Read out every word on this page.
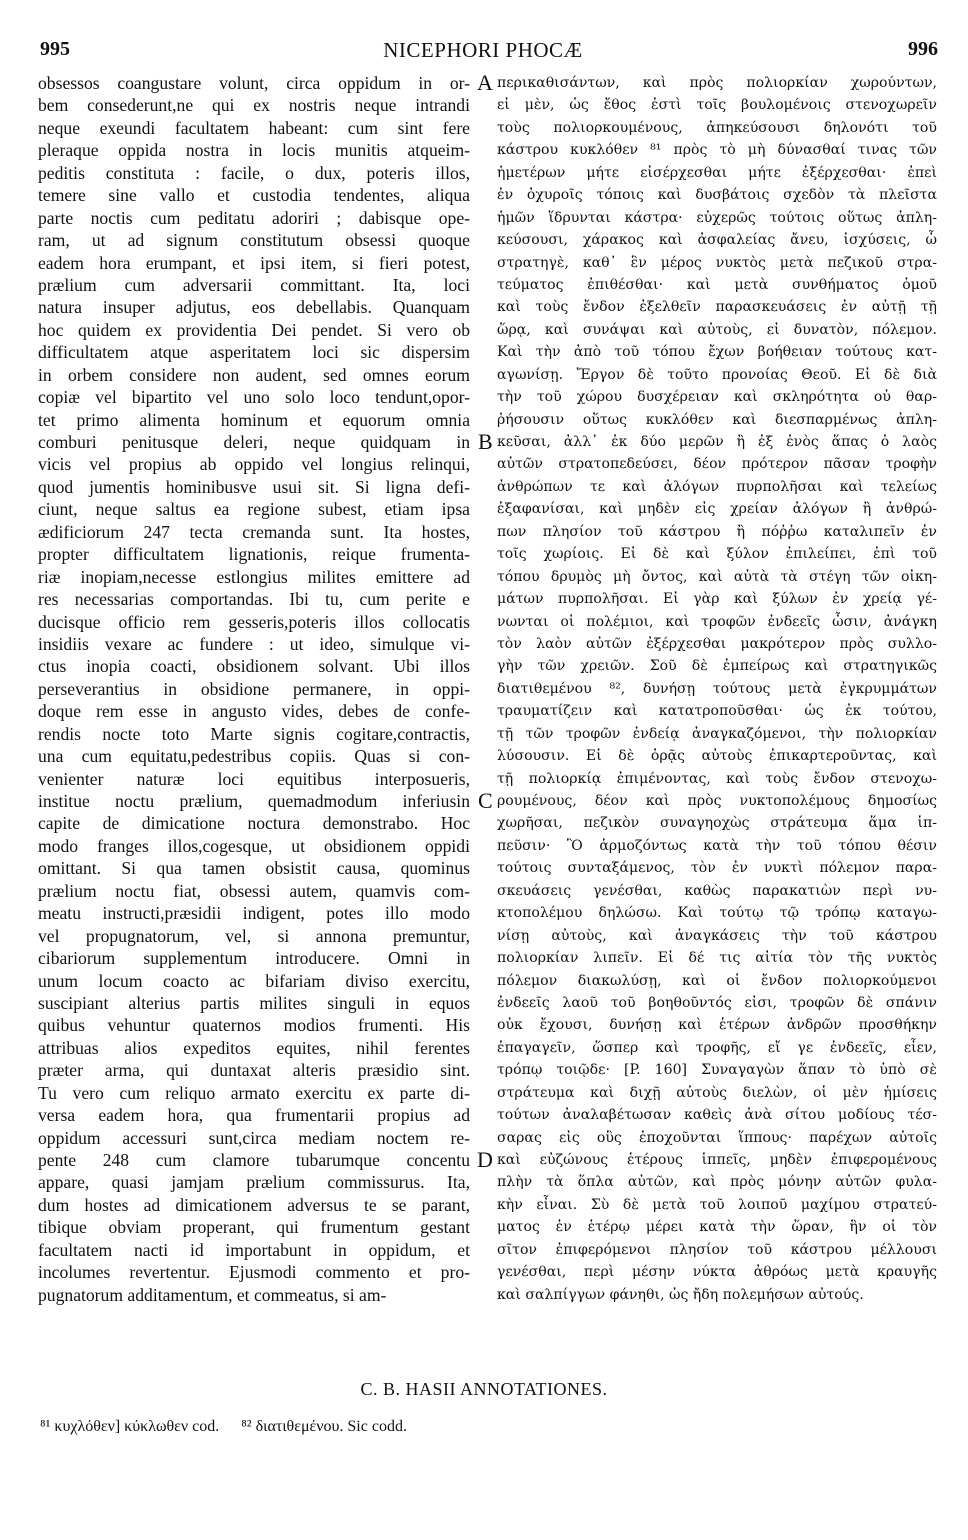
995	NICEPHORI PHOCÆ	996
obsessos coangustare volunt, circa oppidum in or-
bem consederunt,ne qui ex nostris neque intrandi
neque exeundi facultatem habeant: cum sint fere
pleraque oppida nostra in locis munitis atqueim-
peditis constituta : facile, o dux, poteris illos,
temere sine vallo et custodia tendentes, aliqua
parte noctis cum peditatu adoriri ; dabisque ope-
ram, ut ad signum constitutum obsessi quoque
eadem hora erumpant, et ipsi item, si fieri potest,
prælium cum adversarii committant. Ita, loci
natura insuper adjutus, eos debellabis. Quanquam
hoc quidem ex providentia Dei pendet. Si vero ob
difficultatem atque asperitatem loci sic dispersim
in orbem considere non audent, sed omnes eorum
copiæ vel bipartito vel uno solo loco tendunt,opor-
tet primo alimenta hominum et equorum omnia
comburi penitusque deleri, neque quidquam in
vicis vel propius ab oppido vel longius relinqui,
quod jumentis hominibusve usui sit. Si ligna defi-
ciunt, neque saltus ea regione subest, etiam ipsa
ædificiorum 247 tecta cremanda sunt. Ita hostes,
propter difficultatem lignationis, reique frumenta-
riæ inopiam,necesse estlongius milites emittere ad
res necessarias comportandas. Ibi tu, cum perite e
ducisque officio rem gesseris,poteris illos collocatis
insidiis vexare ac fundere : ut ideo, simulque vi-
ctus inopia coacti, obsidionem solvant. Ubi illos
perseverantius in obsidione permanere, in oppi-
doque rem esse in angusto vides, debes de confe-
rendis nocte toto Marte signis cogitare,contractis,
una cum equitatu,pedestribus copiis. Quas si con-
venienter naturæ loci equitibus interposueris,
institue noctu prælium, quemadmodum inferiusin
capite de dimicatione noctura demonstrabo. Hoc
modo franges illos,cogesque, ut obsidionem oppidi
omittant. Si qua tamen obsistit causa, quominus
prælium noctu fiat, obsessi autem, quamvis com-
meatu instructi,præsidii indigent, potes illo modo
vel propugnatorum, vel, si annona premuntur,
cibariorum supplementum introducere. Omni in
unum locum coacto ac bifariam diviso exercitu,
suscipiant alterius partis milites singuli in equos
quibus vehuntur quaternos modios frumenti. His
attribuas alios expeditos equites, nihil ferentes
præter arma, qui duntaxat alteris præsidio sint.
Tu vero cum reliquo armato exercitu ex parte di-
versa eadem hora, qua frumentarii propius ad
oppidum accessuri sunt,circa mediam noctem re-
pente 248 cum clamore tubarumque concentu
appare, quasi jamjam prælium commissurus. Ita,
dum hostes ad dimicationem adversus te se parant,
tibique obviam properant, qui frumentum gestant
facultatem nacti id importabunt in oppidum, et
incolumes revertentur. Ejusmodi commento et pro-
pugnatorum additamentum, et commeatus, si am-
περικαθισάντων, καὶ πρὸς πολιορκίαν χωρούντων,
εἰ μὲν, ὡς ἔθος ἐστὶ τοῖς βουλομένοις στενοχωρεῖν
τοὺς πολιορκουμένους, ἀπηκεύσουσι δηλονότι τοῦ
κάστρου κυκλόθεν ⁸¹ πρὸς τὸ μὴ δύνασθαί τινας τῶν
ἡμετέρων μήτε εἰσέρχεσθαι μήτε ἐξέρχεσθαι· ἐπεὶ
ἐν ὀχυροῖς τόποις καὶ δυσβάτοις σχεδὸν τὰ πλεῖστα
ἡμῶν ἵδρυνται κάστρα· εὐχερῶς τούτοις οὕτως ἀπλη-
κεύσουσι, χάρακος καὶ ἀσφαλείας ἄνευ, ἰσχύσεις, ὦ
στρατηγὲ, καθ᾽ ἓν μέρος νυκτὸς μετὰ πεζικοῦ στρα-
τεύματος ἐπιθέσθαι· καὶ μετὰ συνθήματος ὁμοῦ
καὶ τοὺς ἔνδον ἐξελθεῖν παρασκευάσεις ἐν αὐτῇ τῇ
ὥρᾳ, καὶ συνάψαι καὶ αὐτοὺς, εἰ δυνατὸν, πόλεμον.
Καὶ τὴν ἀπὸ τοῦ τόπου ἔχων βοήθειαν τούτους κατ-
αγωνίσῃ. Ἔργον δὲ τοῦτο προνοίας Θεοῦ. Εἰ δὲ διὰ
τὴν τοῦ χώρου δυσχέρειαν καὶ σκληρότητα οὐ θαρ-
ῥήσουσιν οὕτως κυκλόθεν καὶ διεσπαρμένως ἀπλη-
κεῦσαι, ἀλλ᾽ ἐκ δύο μερῶν ἢ ἐξ ἑνὸς ἅπας ὁ λαὸς
αὐτῶν στρατοπεδεύσει, δέον πρότερον πᾶσαν τροφὴν
ἀνθρώπων τε καὶ ἀλόγων πυρπολῆσαι καὶ τελείως
ἐξαφανίσαι, καὶ μηδὲν εἰς χρείαν ἀλόγων ἢ ἀνθρώ-
πων πλησίον τοῦ κάστρου ἢ πόῤῥω καταλιπεῖν ἐν
τοῖς χωρίοις. Εἰ δὲ καὶ ξύλον ἐπιλείπει, ἐπὶ τοῦ
τόπου δρυμὸς μὴ ὄντος, καὶ αὐτὰ τὰ στέγη τῶν οἰκη-
μάτων πυρπολῆσαι. Εἰ γὰρ καὶ ξύλων ἐν χρείᾳ γέ-
νωνται οἱ πολέμιοι, καὶ τροφῶν ἐνδεεῖς ὦσιν, ἀνάγκη
τὸν λαὸν αὐτῶν ἐξέρχεσθαι μακρότερον πρὸς συλλο-
γὴν τῶν χρειῶν. Σοῦ δὲ ἐμπείρως καὶ στρατηγικῶς
διατιθεμένου ⁸², δυνήσῃ τούτους μετὰ ἐγκρυμμάτων
τραυματίζειν καὶ κατατροποῦσθαι· ὡς ἐκ τούτου,
τῇ τῶν τροφῶν ἐνδείᾳ ἀναγκαζόμενοι, τὴν πολιορκίαν
λύσουσιν. Εἰ δὲ ὁρᾷς αὐτοὺς ἐπικαρτεροῦντας, καὶ
τῇ πολιορκίᾳ ἐπιμένοντας, καὶ τοὺς ἔνδον στενοχω-
ρουμένους, δέον καὶ πρὸς νυκτοπολέμους δημοσίως
χωρῆσαι, πεζικὸν συναγηοχὼς στράτευμα ἅμα ἱπ-
πεῦσιν· Ὃ ἁρμοζόντως κατὰ τὴν τοῦ τόπου θέσιν
τούτοις συνταξάμενος, τὸν ἐν νυκτὶ πόλεμον παρα-
σκευάσεις γενέσθαι, καθὼς παρακατιὼν περὶ νυ-
κτοπολέμου δηλώσω. Καὶ τούτῳ τῷ τρόπῳ καταγω-
νίσῃ αὐτοὺς, καὶ ἀναγκάσεις τὴν τοῦ κάστρου
πολιορκίαν λιπεῖν. Εἰ δέ τις αἰτία τὸν τῆς νυκτὸς
πόλεμον διακωλύσῃ, καὶ οἱ ἔνδον πολιορκούμενοι
ἐνδεεῖς λαοῦ τοῦ βοηθοῦντός εἰσι, τροφῶν δὲ σπάνιν
οὐκ ἔχουσι, δυνήσῃ καὶ ἑτέρων ἀνδρῶν προσθήκην
ἐπαγαγεῖν, ὥσπερ καὶ τροφῆς, εἴ γε ἐνδεεῖς, εἶεν,
τρόπῳ τοιῷδε· [P. 160] Συναγαγὼν ἅπαν τὸ ὑπὸ σὲ
στράτευμα καὶ διχῇ αὐτοὺς διελὼν, οἱ μὲν ἡμίσεις
τούτων ἀναλαβέτωσαν καθεὶς ἀνὰ σίτου μοδίους τέσ-
σαρας εἰς οὓς ἐποχοῦνται ἵππους· παρέχων αὐτοῖς
καὶ εὐζώνους ἑτέρους ἱππεῖς, μηδὲν ἐπιφερομένους
πλὴν τὰ ὅπλα αὐτῶν, καὶ πρὸς μόνην αὐτῶν φυλα-
κὴν εἶναι. Σὺ δὲ μετὰ τοῦ λοιποῦ μαχίμου στρατεύ-
ματος ἐν ἑτέρῳ μέρει κατὰ τὴν ὥραν, ἣν οἱ τὸν
σῖτον ἐπιφερόμενοι πλησίον τοῦ κάστρου μέλλουσι
γενέσθαι, περὶ μέσην νύκτα ἀθρόως μετὰ κραυγῆς
καὶ σαλπίγγων φάνηθι, ὡς ἤδη πολεμήσων αὐτούς.
A
B
C
D
C. B. HASII ANNOTATIONES.
⁸¹ κυχλόθεν] κύκλωθεν cod. ⁸² διατιθεμένου. Sic codd.
